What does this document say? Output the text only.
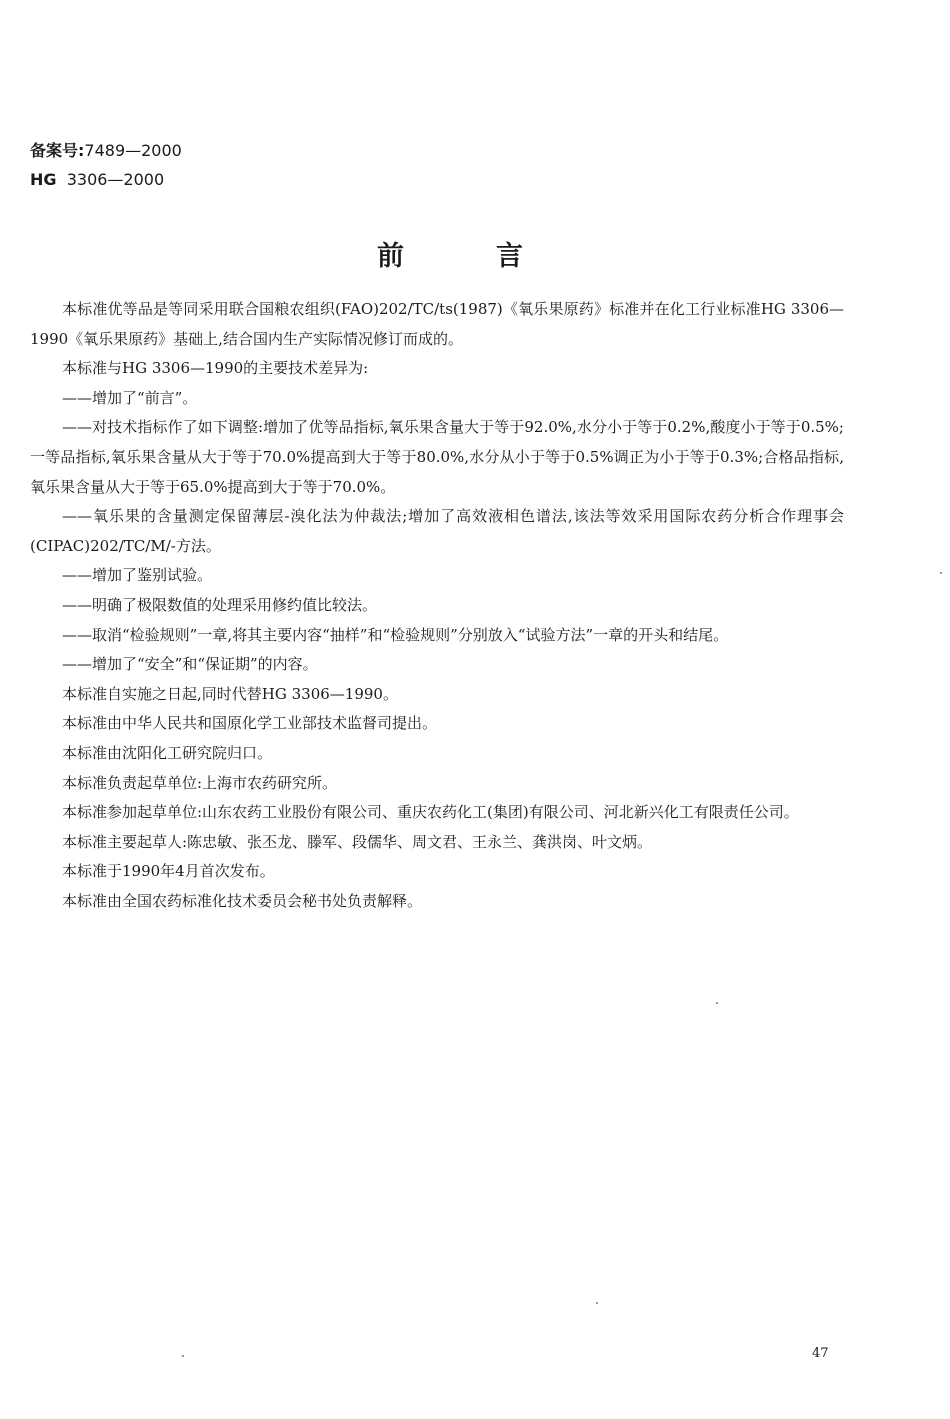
备案号:7489—2000
HG 3306—2000
前言

本标准优等品是等同采用联合国粮农组织(FAO)202/TC/ts(1987)《氧乐果原药》标准并在化工行业标准HG 3306—1990《氧乐果原药》基础上,结合国内生产实际情况修订而成的。

本标准与HG 3306—1990的主要技术差异为:

——增加了“前言”。

——对技术指标作了如下调整:增加了优等品指标,氧乐果含量大于等于92.0%,水分小于等于0.2%,酸度小于等于0.5%;一等品指标,氧乐果含量从大于等于70.0%提高到大于等于80.0%,水分从小于等于0.5%调正为小于等于0.3%;合格品指标,氧乐果含量从大于等于65.0%提高到大于等于70.0%。

——氧乐果的含量测定保留薄层-溴化法为仲裁法;增加了高效液相色谱法,该法等效采用国际农药分析合作理事会(CIPAC)202/TC/M/-方法。

——增加了鉴别试验。

——明确了极限数值的处理采用修约值比较法。

——取消“检验规则”一章,将其主要内容“抽样”和“检验规则”分别放入“试验方法”一章的开头和结尾。

——增加了“安全”和“保证期”的内容。

本标准自实施之日起,同时代替HG 3306—1990。

本标准由中华人民共和国原化学工业部技术监督司提出。

本标准由沈阳化工研究院归口。

本标准负责起草单位:上海市农药研究所。

本标准参加起草单位:山东农药工业股份有限公司、重庆农药化工(集团)有限公司、河北新兴化工有限责任公司。

本标准主要起草人:陈忠敏、张丕龙、滕军、段儒华、周文君、王永兰、龚洪岗、叶文炳。

本标准于1990年4月首次发布。

本标准由全国农药标准化技术委员会秘书处负责解释。

47
